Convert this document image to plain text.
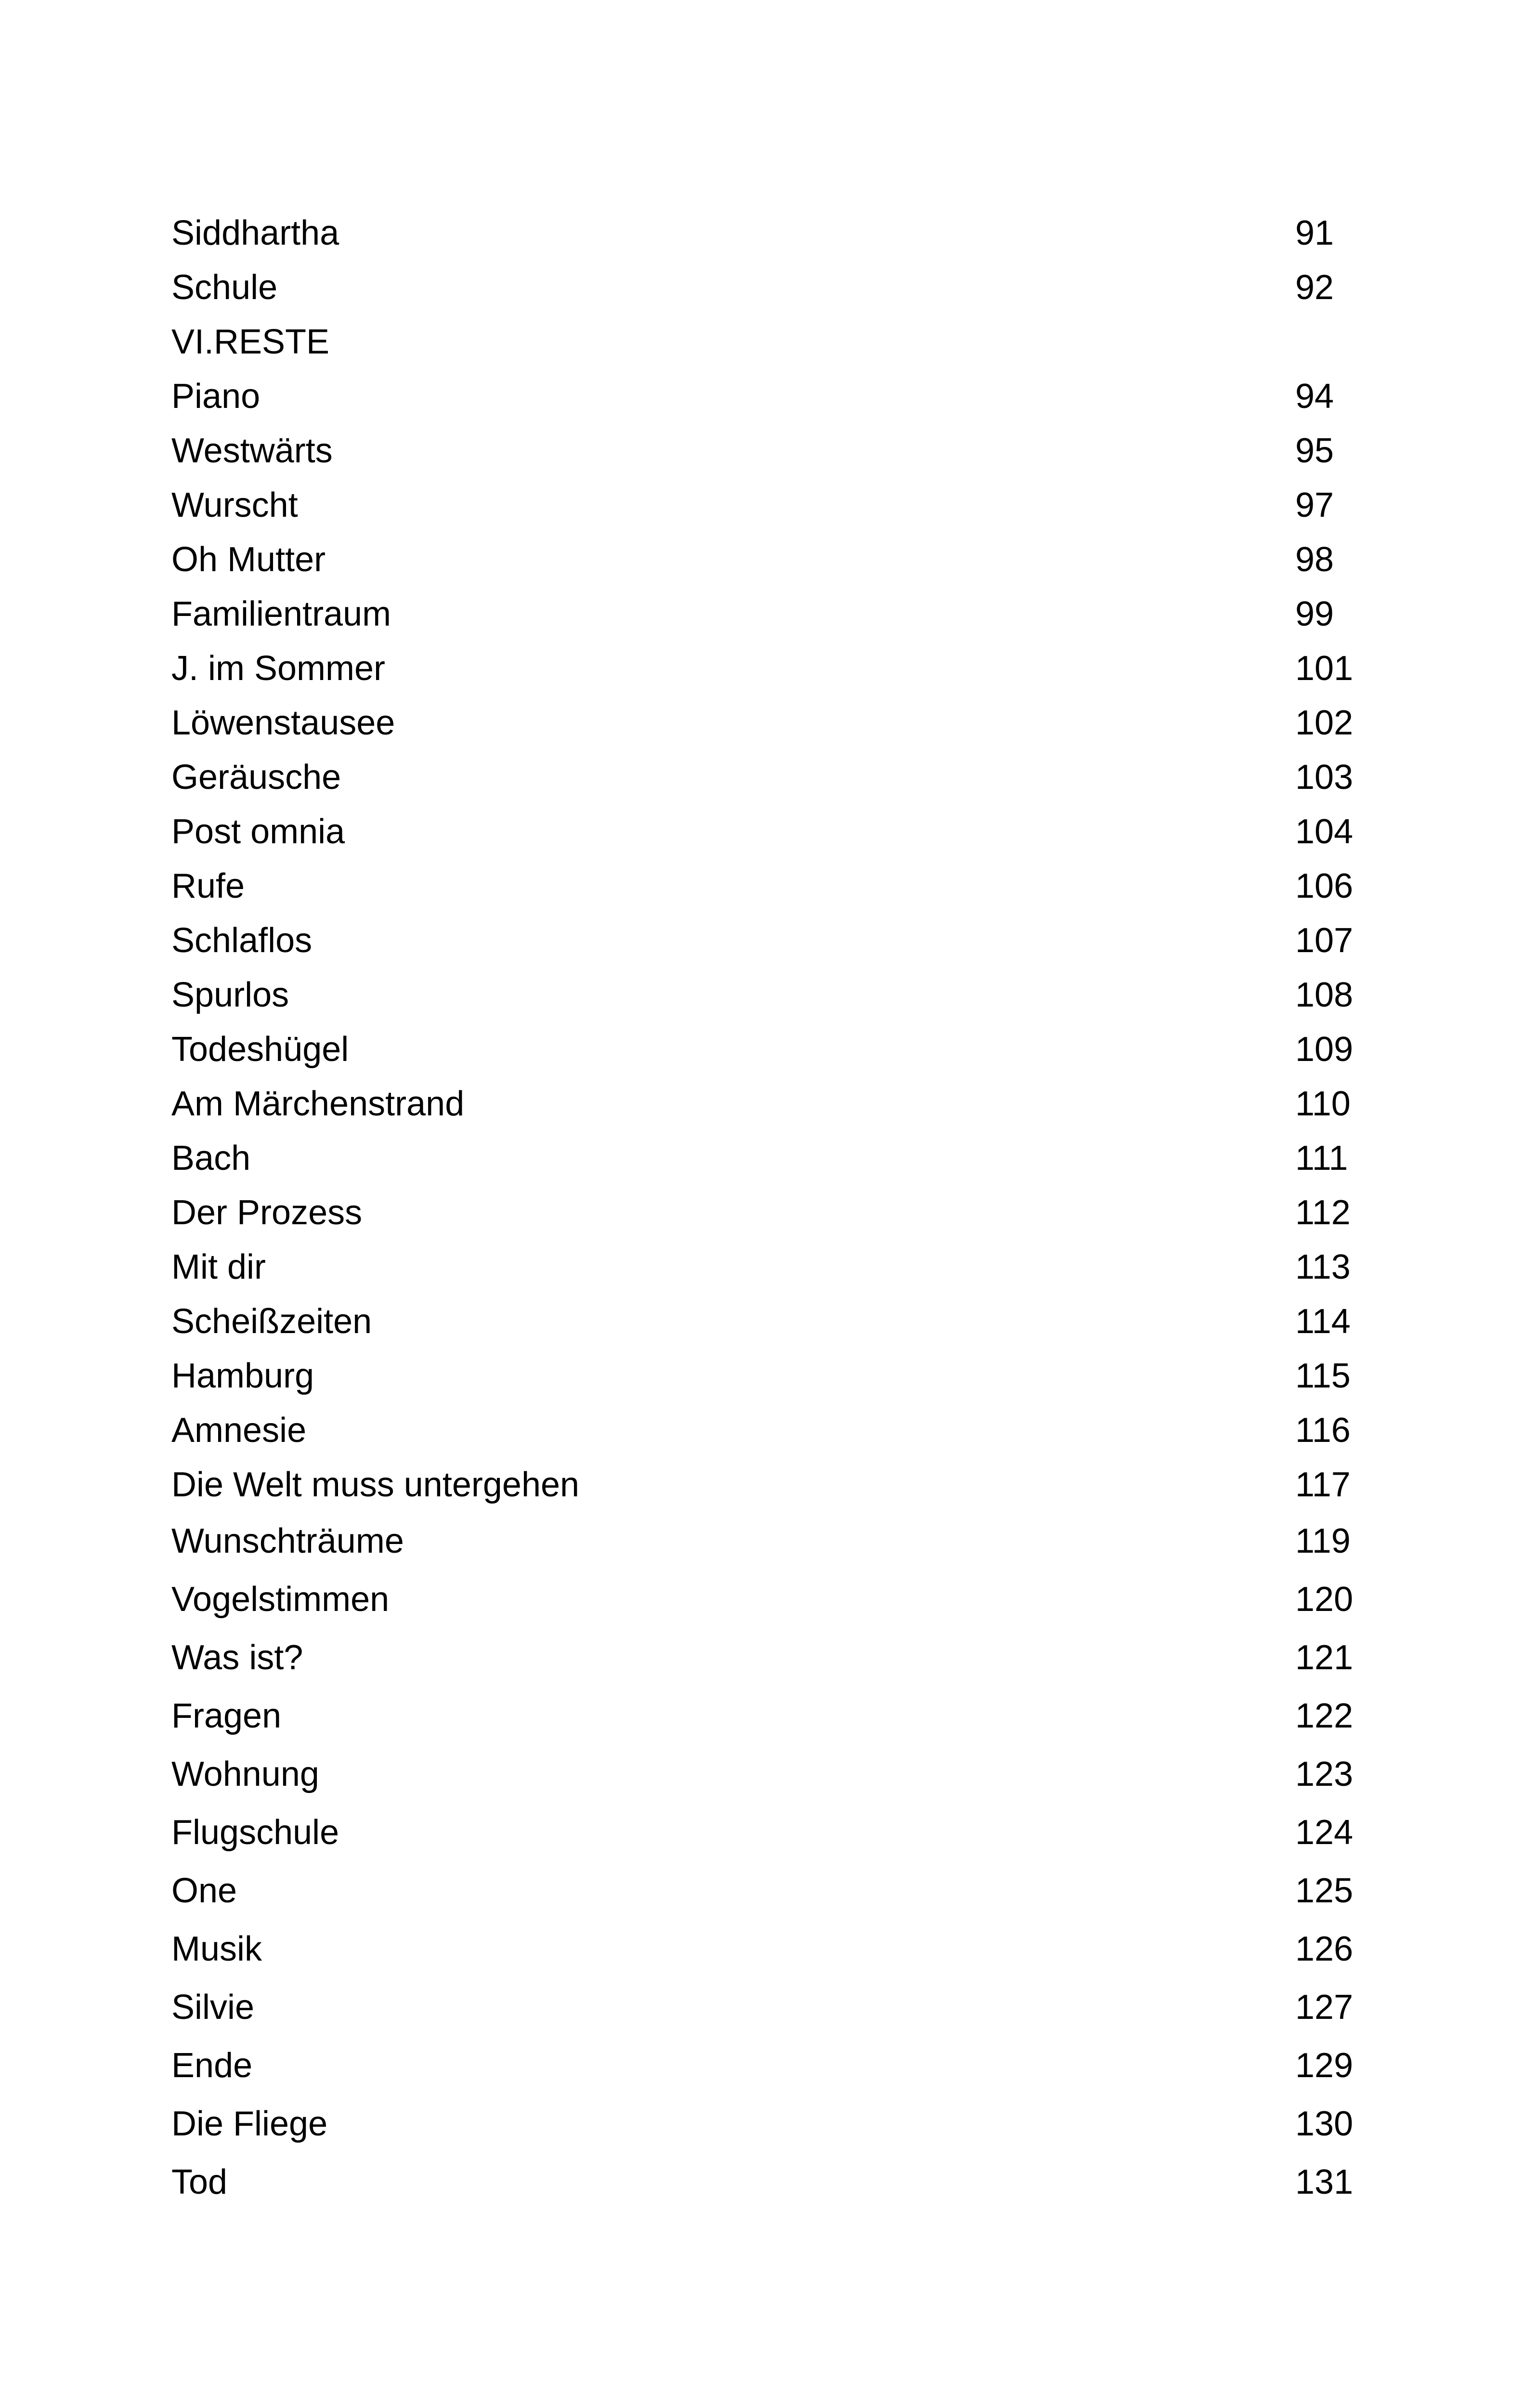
Siddhartha	91
Schule	92
VI.RESTE
Piano	94
Westwärts	95
Wurscht	97
Oh Mutter	98
Familientraum	99
J. im Sommer	101
Löwenstausee	102
Geräusche	103
Post omnia	104
Rufe	106
Schlaflos	107
Spurlos	108
Todeshügel	109
Am Märchenstrand	110
Bach	111
Der Prozess	112
Mit dir	113
Scheißzeiten	114
Hamburg	115
Amnesie	116
Die Welt muss untergehen	117
Wunschträume	119
Vogelstimmen	120
Was ist?	121
Fragen	122
Wohnung	123
Flugschule	124
One	125
Musik	126
Silvie	127
Ende	129
Die Fliege	130
Tod	131
